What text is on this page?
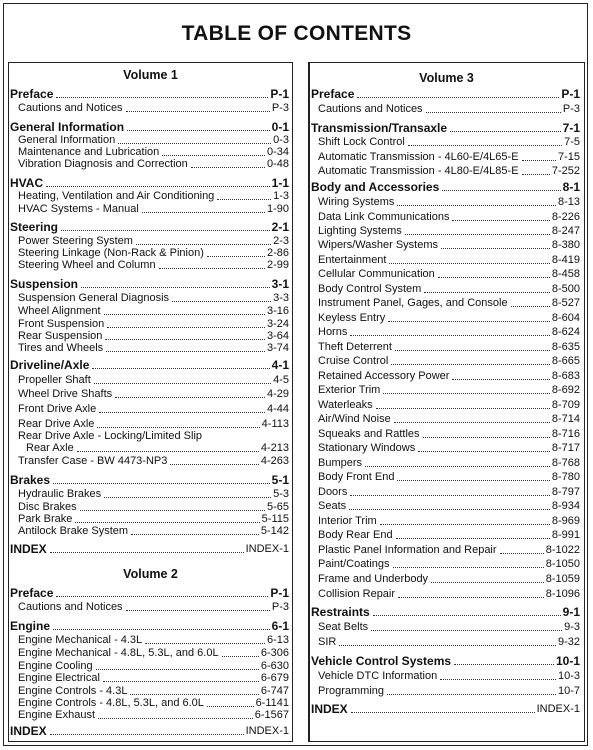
TABLE OF CONTENTS
Volume 2
Volume 1
Preface	P-1
Cautions and Notices	P-3
General Information	0-1
General Information	0-3
Maintenance and Lubrication	0-34
Vibration Diagnosis and Correction	0-48
HVAC	1-1
Heating, Ventilation and Air Conditioning	1-3
HVAC Systems - Manual	1-90
Steering	2-1
Power Steering System	2-3
Steering Linkage (Non-Rack & Pinion)	2-86
Steering Wheel and Column	2-99
Suspension	3-1
Suspension General Diagnosis	3-3
Wheel Alignment	3-16
Front Suspension	3-24
Rear Suspension	3-64
Tires and Wheels	3-74
Driveline/Axle	4-1
Propeller Shaft	4-5
Wheel Drive Shafts	4-29
Front Drive Axle	4-44
Rear Drive Axle	4-113
Rear Drive Axle - Locking/Limited Slip
Rear Axle	4-213
Transfer Case - BW 4473-NP3	4-263
Brakes	5-1
Hydraulic Brakes	5-3
Disc Brakes	5-65
Park Brake	5-115
Antilock Brake System	5-142
INDEX	INDEX-1
Preface	P-1
Cautions and Notices	P-3
Engine	6-1
Engine Mechanical - 4.3L	6-13
Engine Mechanical - 4.8L, 5.3L, and 6.0L	6-306
Engine Cooling	6-630
Engine Electrical	6-679
Engine Controls - 4.3L	6-747
Engine Controls - 4.8L, 5.3L, and 6.0L	6-1141
Engine Exhaust	6-1567
INDEX	INDEX-1
Volume 3
Preface	P-1
Cautions and Notices	P-3
Transmission/Transaxle	7-1
Shift Lock Control	7-5
Automatic Transmission - 4L60-E/4L65-E	7-15
Automatic Transmission - 4L80-E/4L85-E	7-252
Body and Accessories	8-1
Wiring Systems	8-13
Data Link Communications	8-226
Lighting Systems	8-247
Wipers/Washer Systems	8-380
Entertainment	8-419
Cellular Communication	8-458
Body Control System	8-500
Instrument Panel, Gages, and Console	8-527
Keyless Entry	8-604
Horns	8-624
Theft Deterrent	8-635
Cruise Control	8-665
Retained Accessory Power	8-683
Exterior Trim	8-692
Waterleaks	8-709
Air/Wind Noise	8-714
Squeaks and Rattles	8-716
Stationary Windows	8-717
Bumpers	8-768
Body Front End	8-780
Doors	8-797
Seats	8-934
Interior Trim	8-969
Body Rear End	8-991
Plastic Panel Information and Repair	8-1022
Paint/Coatings	8-1050
Frame and Underbody	8-1059
Collision Repair	8-1096
Restraints	9-1
Seat Belts	9-3
SIR	9-32
Vehicle Control Systems	10-1
Vehicle DTC Information	10-3
Programming	10-7
INDEX	INDEX-1
